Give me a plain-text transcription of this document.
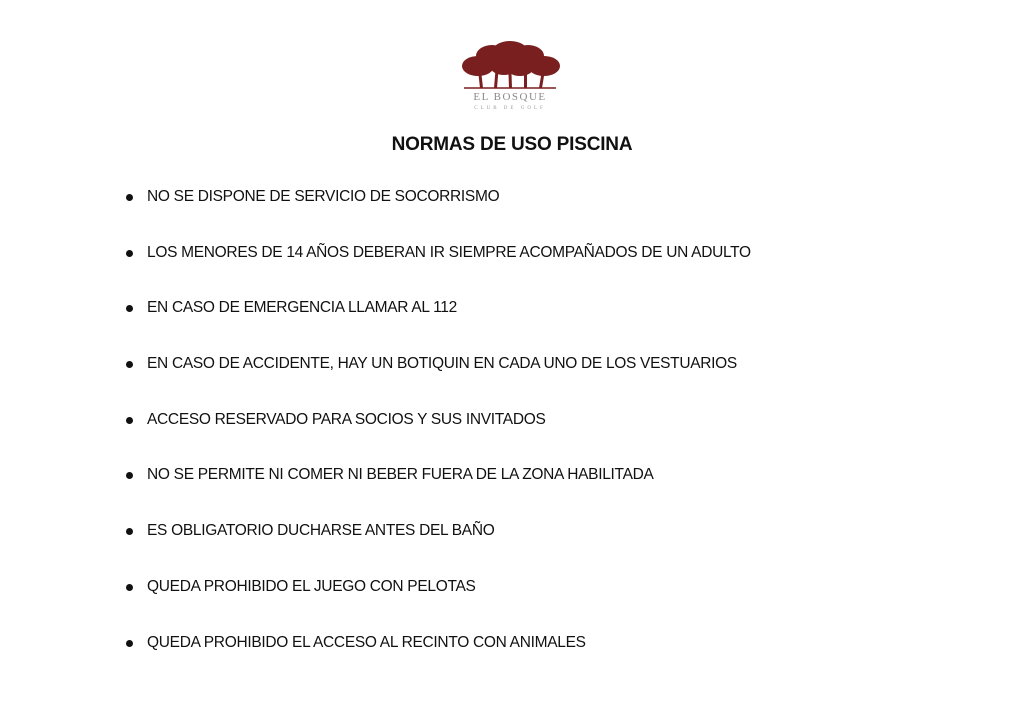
EL BOSQUE
CLUB DE GOLF
NORMAS DE USO PISCINA
NO SE DISPONE DE SERVICIO DE SOCORRISMO
LOS MENORES DE 14 AÑOS DEBERAN IR SIEMPRE ACOMPAÑADOS DE UN ADULTO
EN CASO DE EMERGENCIA LLAMAR AL 112
EN CASO DE ACCIDENTE, HAY UN BOTIQUIN EN CADA UNO DE LOS VESTUARIOS
ACCESO RESERVADO PARA SOCIOS Y SUS INVITADOS
NO SE PERMITE NI COMER NI BEBER FUERA DE LA ZONA HABILITADA
ES OBLIGATORIO DUCHARSE ANTES DEL BAÑO
QUEDA PROHIBIDO EL JUEGO CON PELOTAS
QUEDA PROHIBIDO EL ACCESO AL RECINTO CON ANIMALES
